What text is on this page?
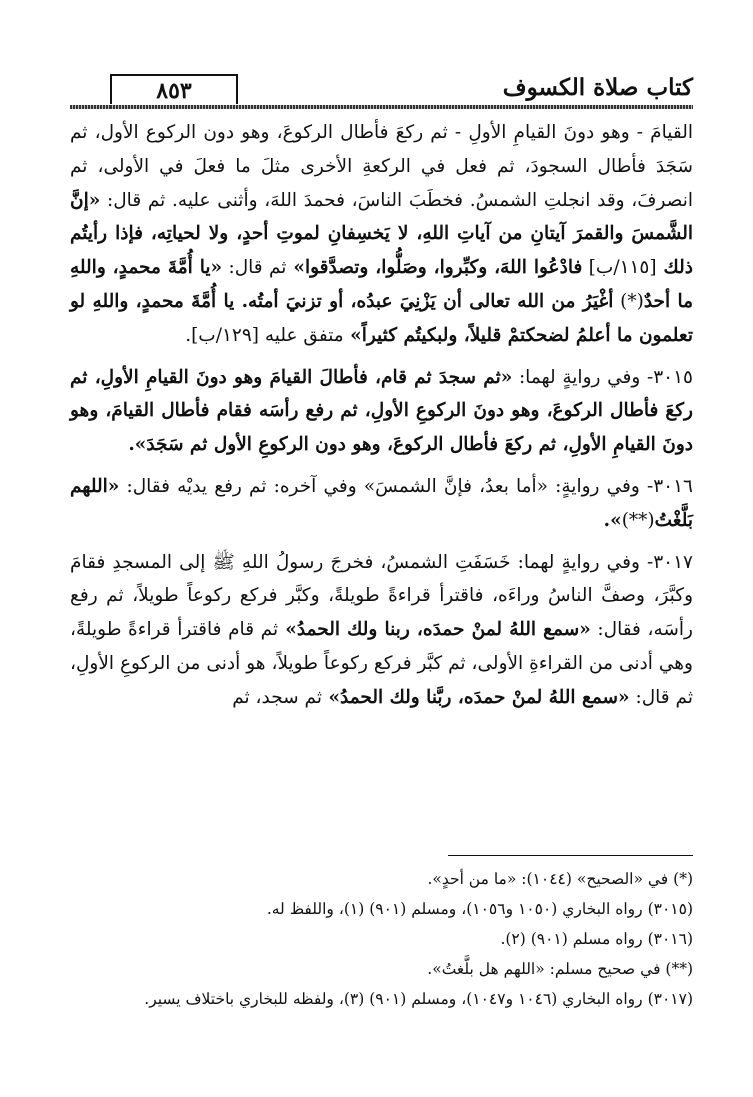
٨٥٣	كتاب صلاة الكسوف

القيامَ - وهو دونَ القيامِ الأولِ - ثم ركعَ فأطال الركوعَ، وهو دون الركوع الأول، ثم سَجَدَ فأطال السجودَ، ثم فعل في الركعةِ الأخرى مثلَ ما فعلَ في الأولى، ثم انصرفَ، وقد انجلتِ الشمسُ. فخطَبَ الناسَ، فحمدَ اللهَ، وأثنى عليه. ثم قال: «إنَّ الشَّمسَ والقمرَ آيتانِ من آياتِ اللهِ، لا يَخسِفانِ لموتِ أحدٍ، ولا لحياتِه، فإذا رأيتُم ذلك [١١٥/ب] فادْعُوا اللهَ، وكبِّروا، وصَلُّوا، وتصدَّقوا» ثم قال: «يا أُمَّةَ محمدٍ، واللهِ ما أحدٌ(*) أغْيَرُ من الله تعالى أن يَزْنِيَ عبدُه، أو تزنيَ أمتُه. يا أُمَّةَ محمدٍ، واللهِ لو تعلمون ما أعلمُ لضحكتمْ قليلاً، ولبكيتُم كثيراً» متفق عليه [١٢٩/ب].

٣٠١٥- وفي روايةٍ لهما: «ثم سجدَ ثم قام، فأطالَ القيامَ وهو دونَ القيامِ الأولِ، ثم ركعَ فأطال الركوعَ، وهو دونَ الركوعِ الأولِ، ثم رفع رأسَه فقام فأطال القيامَ، وهو دونَ القيامِ الأولِ، ثم ركعَ فأطال الركوعَ، وهو دون الركوعِ الأول ثم سَجَدَ».

٣٠١٦- وفي روايةٍ: «أما بعدُ، فإنَّ الشمسَ» وفي آخره: ثم رفع يديْه فقال: «اللهم بَلَّغْتُ(**)».

٣٠١٧- وفي روايةٍ لهما: خَسَفَتِ الشمسُ، فخرجَ رسولُ اللهِ ﷺ إلى المسجدِ فقامَ وكبَّرَ، وصفَّ الناسُ وراءَه، فاقترأ قراءةً طويلةً، وكبَّر فركع ركوعاً طويلاً، ثم رفع رأسَه، فقال: «سمع اللهُ لمنْ حمدَه، ربنا ولك الحمدُ» ثم قام فاقترأ قراءةً طويلةً، وهي أدنى من القراءةِ الأولى، ثم كبَّر فركع ركوعاً طويلاً، هو أدنى من الركوعِ الأولِ، ثم قال: «سمع اللهُ لمنْ حمدَه، ربَّنا ولك الحمدُ» ثم سجد، ثم

(*) في «الصحيح» (١٠٤٤): «ما من أحدٍ».

(٣٠١٥) رواه البخاري (١٠٥٠ و١٠٥٦)، ومسلم (٩٠١) (١)، واللفظ له.

(٣٠١٦) رواه مسلم (٩٠١) (٢).

(**) في صحيح مسلم: «اللهم هل بلَّغتُ».

(٣٠١٧) رواه البخاري (١٠٤٦ و١٠٤٧)، ومسلم (٩٠١) (٣)، ولفظه للبخاري باختلاف يسير.
